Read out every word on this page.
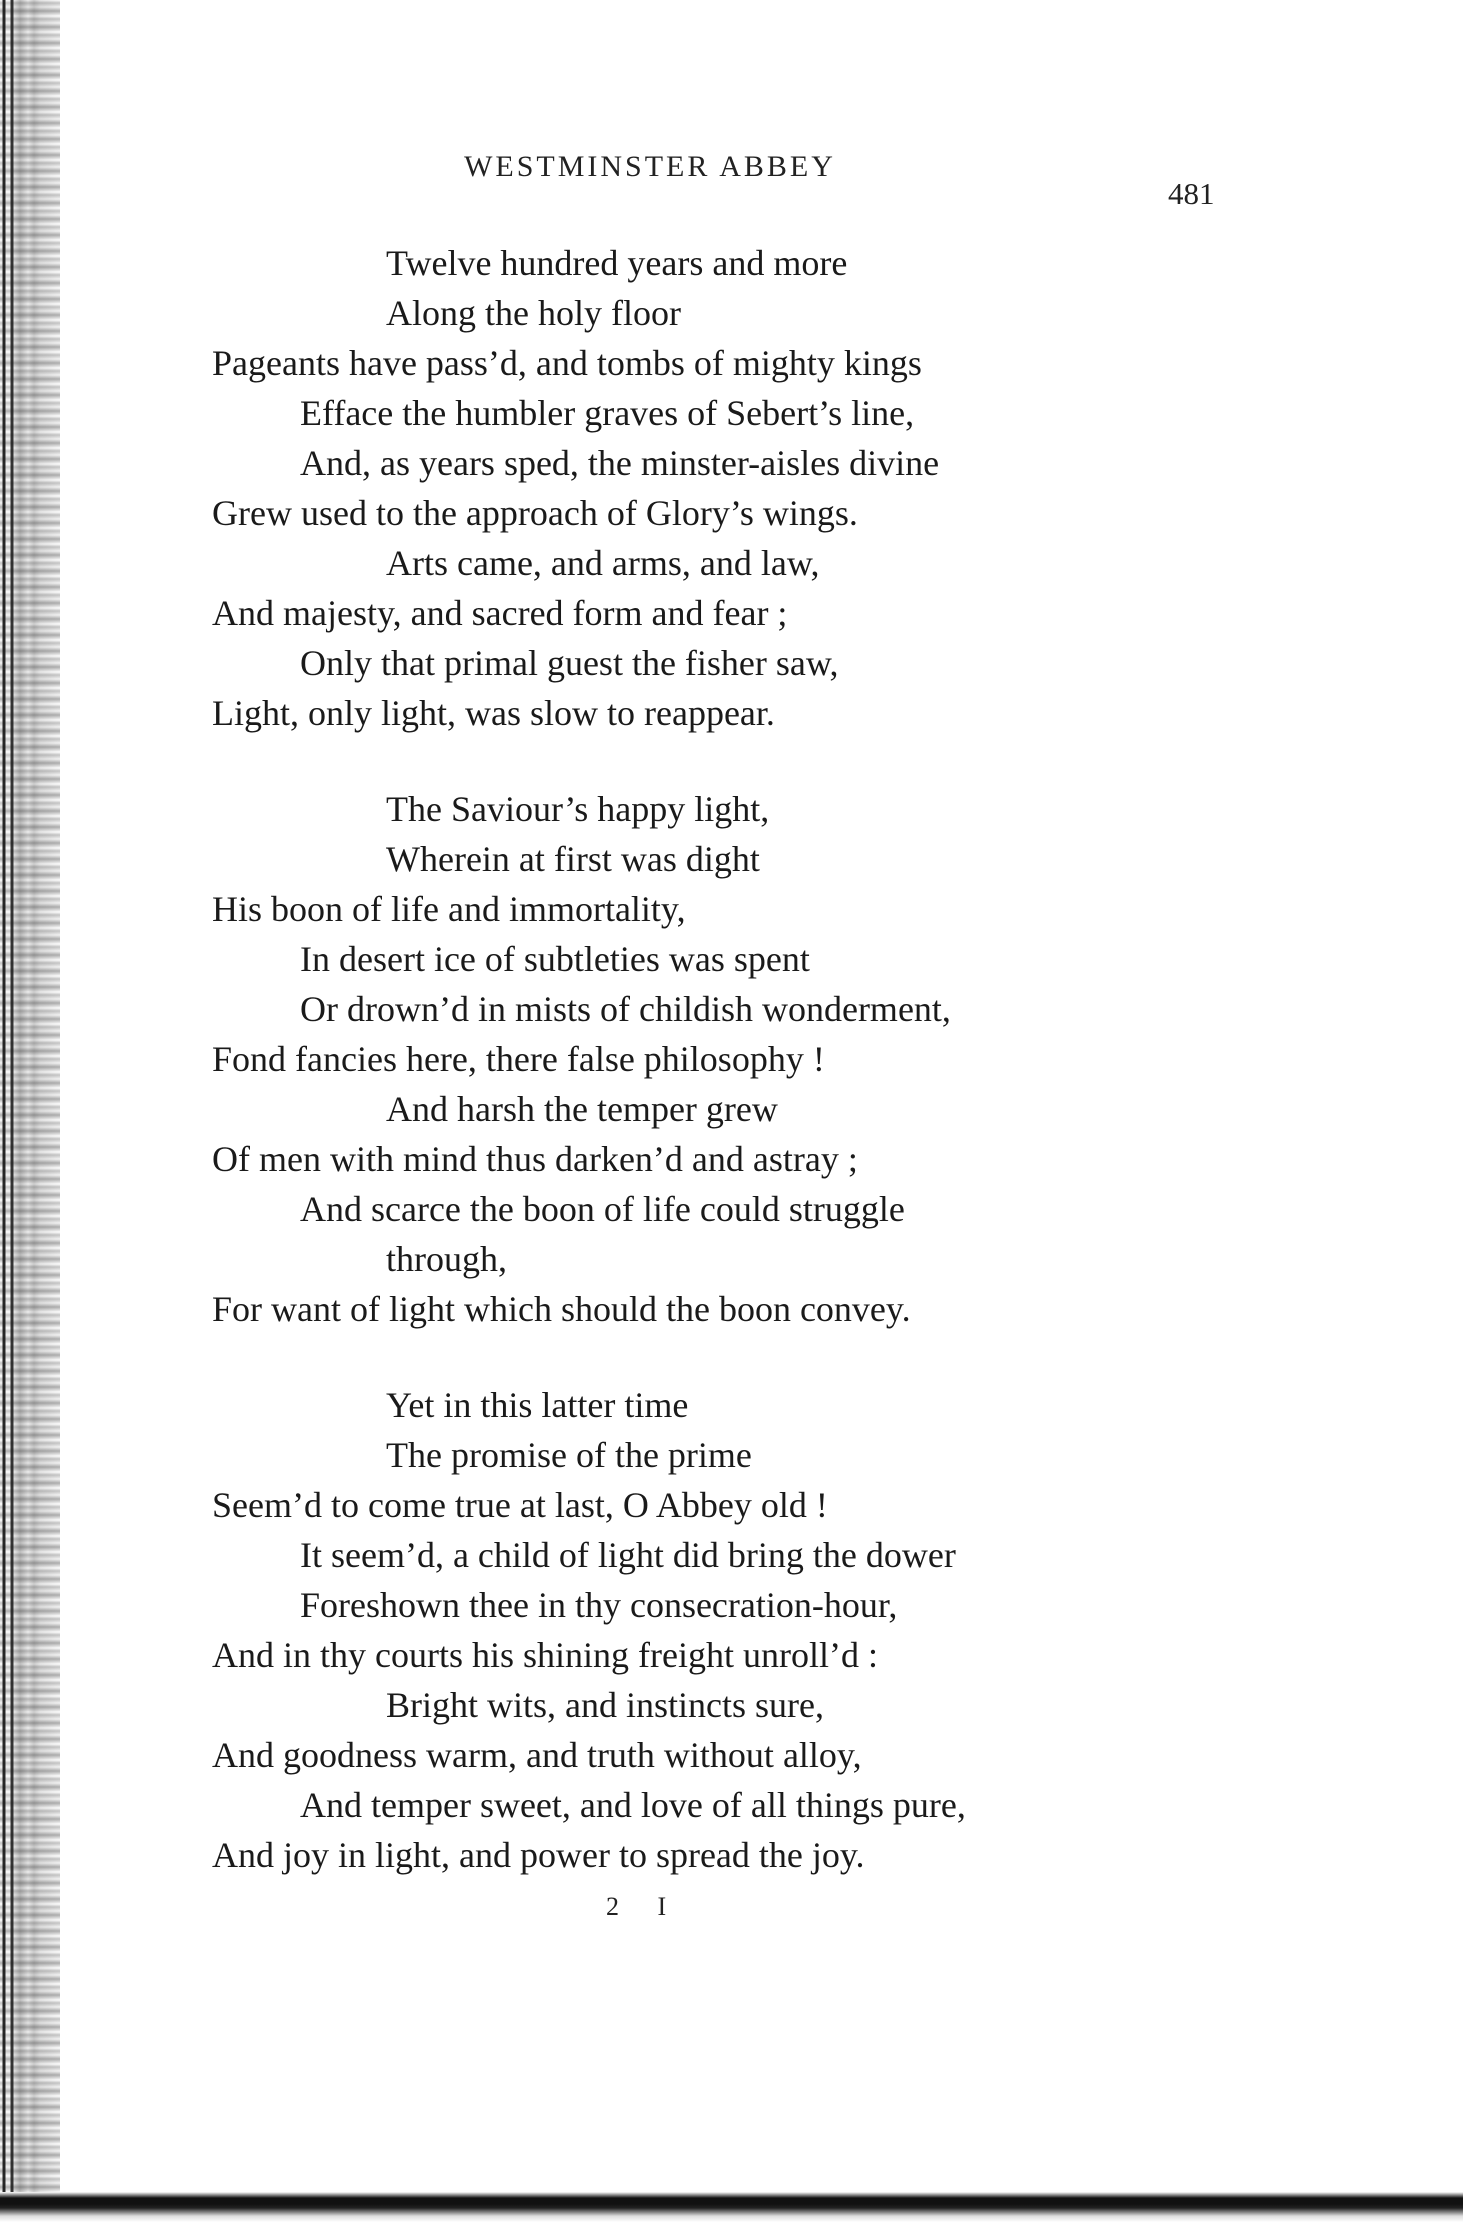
WESTMINSTER ABBEY
481
Twelve hundred years and more
Along the holy floor
Pageants have pass’d, and tombs of mighty kings
Efface the humbler graves of Sebert’s line,
And, as years sped, the minster-aisles divine
Grew used to the approach of Glory’s wings.
Arts came, and arms, and law,
And majesty, and sacred form and fear ;
Only that primal guest the fisher saw,
Light, only light, was slow to reappear.
The Saviour’s happy light,
Wherein at first was dight
His boon of life and immortality,
In desert ice of subtleties was spent
Or drown’d in mists of childish wonderment,
Fond fancies here, there false philosophy !
And harsh the temper grew
Of men with mind thus darken’d and astray ;
And scarce the boon of life could struggle
through,
For want of light which should the boon convey.
Yet in this latter time
The promise of the prime
Seem’d to come true at last, O Abbey old !
It seem’d, a child of light did bring the dower
Foreshown thee in thy consecration-hour,
And in thy courts his shining freight unroll’d :
Bright wits, and instincts sure,
And goodness warm, and truth without alloy,
And temper sweet, and love of all things pure,
And joy in light, and power to spread the joy.
2 I
